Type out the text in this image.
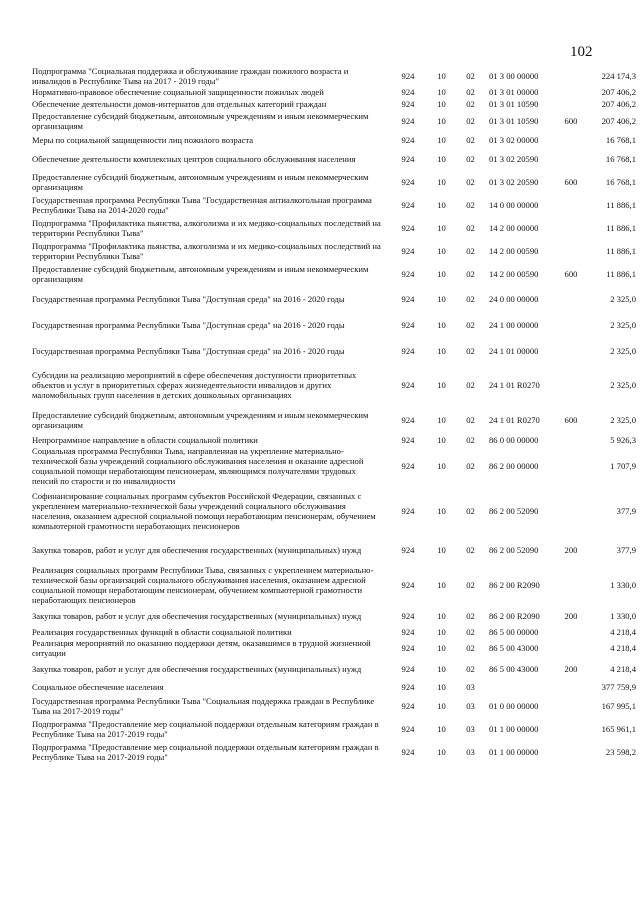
102
Подпрограмма "Социальная поддержка и обслуживание граждан пожилого возраста и инвалидов в Республике Тыва на 2017 - 2019 годы"	924	10	02	01 3 00 00000		224 174,3
Нормативно-правовое обеспечение социальной защищенности пожилых людей	924	10	02	01 3 01 00000		207 406,2
Обеспечение деятельности домов-интернатов для отдельных категорий граждан	924	10	02	01 3 01 10590		207 406,2
Предоставление субсидий бюджетным, автономным учреждениям и иным некоммерческим организациям	924	10	02	01 3 01 10590	600	207 406,2
Меры по социальной защищенности лиц пожилого возраста	924	10	02	01 3 02 00000		16 768,1
Обеспечение деятельности комплексных центров социального обслуживания населения	924	10	02	01 3 02 20590		16 768,1
Предоставление субсидий бюджетным, автономным учреждениям и иным некоммерческим организациям	924	10	02	01 3 02 20590	600	16 768,1
Государственная программа Республики Тыва "Государственная антиалкогольная программа Республики Тыва на 2014-2020 годы"	924	10	02	14 0 00 00000		11 886,1
Подпрограмма "Профилактика пьянства, алкоголизма и их медико-социальных последствий на территории Республики Тыва"	924	10	02	14 2 00 00000		11 886,1
Подпрограмма "Профилактика пьянства, алкоголизма и их медико-социальных последствий на территории Республики Тыва"	924	10	02	14 2 00 00590		11 886,1
Предоставление субсидий бюджетным, автономным учреждениям и иным некоммерческим организациям	924	10	02	14 2 00 00590	600	11 886,1
Государственная программа Республики Тыва "Доступная среда" на 2016 - 2020 годы	924	10	02	24 0 00 00000		2 325,0
Государственная программа Республики Тыва "Доступная среда" на 2016 - 2020 годы	924	10	02	24 1 00 00000		2 325,0
Государственная программа Республики Тыва "Доступная среда" на 2016 - 2020 годы	924	10	02	24 1 01 00000		2 325,0
Субсидии на реализацию мероприятий в сфере обеспечения доступности приоритетных объектов и услуг в приоритетных сферах жизнедеятельности инвалидов и других маломобильных групп населения в детских дошкольных организациях	924	10	02	24 1 01 R0270		2 325,0
Предоставление субсидий бюджетным, автономным учреждениям и иным некоммерческим организациям	924	10	02	24 1 01 R0270	600	2 325,0
Непрограммное направление в области социальной политики	924	10	02	86 0 00 00000		5 926,3
Социальная программа Республики Тыва, направленная на укрепление материально-технической базы учреждений социального обслуживания населения и оказание адресной социальной помощи неработающим пенсионерам, являющимся получателями трудовых пенсий по старости и по инвалидности	924	10	02	86 2 00 00000		1 707,9
Софинансирование социальных программ субъектов Российской Федерации, связанных с укреплением материально-технической базы учреждений социального обслуживания населения, оказанием адресной социальной помощи неработающим пенсионерам, обучением компьютерной грамотности неработающих пенсионеров	924	10	02	86 2 00 52090		377,9
Закупка товаров, работ и услуг для обеспечения государственных (муниципальных) нужд	924	10	02	86 2 00 52090	200	377,9
Реализация социальных программ Республики Тыва, связанных с укреплением материально-технической базы организаций социального обслуживания населения, оказанием адресной социальной помощи неработающим пенсионерам, обучением компьютерной грамотности неработающих пенсионеров	924	10	02	86 2 00 R2090		1 330,0
Закупка товаров, работ и услуг для обеспечения государственных (муниципальных) нужд	924	10	02	86 2 00 R2090	200	1 330,0
Реализация государственных функций в области социальной политики	924	10	02	86 5 00 00000		4 218,4
Реализация мероприятий по оказанию поддержки детям, оказавшимся в трудной жизненной ситуации	924	10	02	86 5 00 43000		4 218,4
Закупка товаров, работ и услуг для обеспечения государственных (муниципальных) нужд	924	10	02	86 5 00 43000	200	4 218,4
Социальное обеспечение населения	924	10	03			377 759,9
Государственная программа Республики Тыва "Социальная поддержка граждан в Республике Тыва на 2017-2019 годы"	924	10	03	01 0 00 00000		167 995,1
Подпрограмма "Предоставление мер социальной поддержки отдельным категориям граждан в Республике Тыва на 2017-2019 годы"	924	10	03	01 1 00 00000		165 961,1
Подпрограмма "Предоставление мер социальной поддержки отдельным категориям граждан в Республике Тыва на 2017-2019 годы"	924	10	03	01 1 00 00000		23 598,2
